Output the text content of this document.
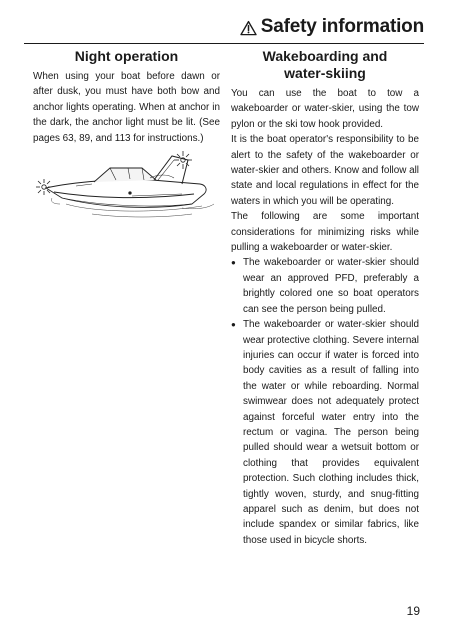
Safety information
Night operation

When using your boat before dawn or after dusk, you must have both bow and anchor lights operating. When at anchor in the dark, the anchor light must be lit. (See pages 63, 89, and 113 for instructions.)

Wakeboarding and water-skiing

You can use the boat to tow a wakeboarder or water-skier, using the tow pylon or the ski tow hook provided.

It is the boat operator's responsibility to be alert to the safety of the wakeboarder or water-skier and others. Know and follow all state and local regulations in effect for the waters in which you will be operating.

The following are some important considerations for minimizing risks while pulling a wakeboarder or water-skier.

● The wakeboarder or water-skier should wear an approved PFD, preferably a brightly colored one so boat operators can see the person being pulled.
● The wakeboarder or water-skier should wear protective clothing. Severe internal injuries can occur if water is forced into body cavities as a result of falling into the water or while reboarding. Normal swimwear does not adequately protect against forceful water entry into the rectum or vagina. The person being pulled should wear a wetsuit bottom or clothing that provides equivalent protection. Such clothing includes thick, tightly woven, sturdy, and snug-fitting apparel such as denim, but does not include spandex or similar fabrics, like those used in bicycle shorts.
19
